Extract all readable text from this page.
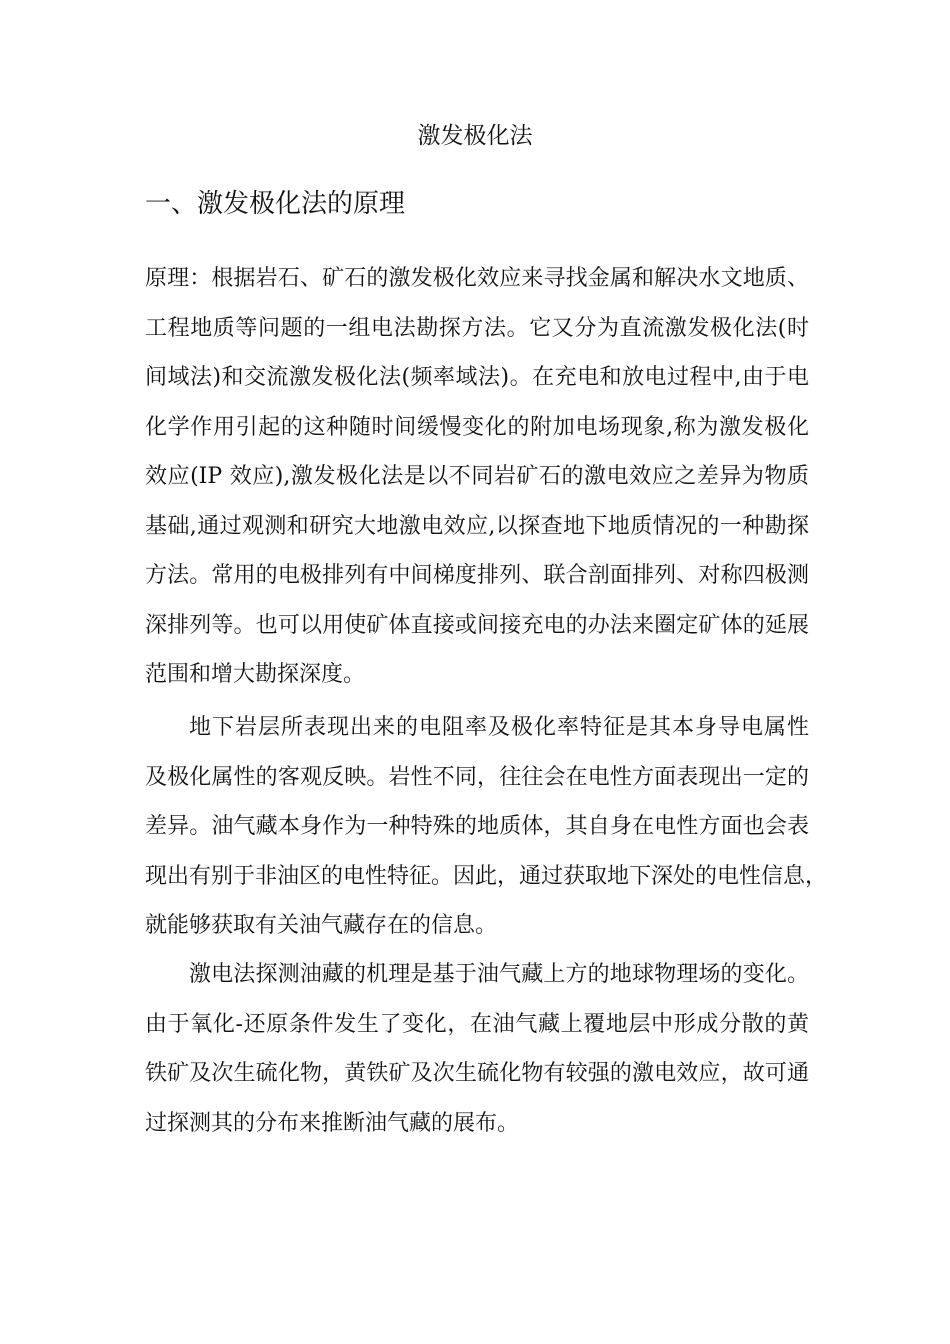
激发极化法
一、激发极化法的原理
原理：根据岩石、矿石的激发极化效应来寻找金属和解决水文地质、
工程地质等问题的一组电法勘探方法。它又分为直流激发极化法(时
间域法)和交流激发极化法(频率域法)。在充电和放电过程中,由于电
化学作用引起的这种随时间缓慢变化的附加电场现象,称为激发极化
效应(IP 效应),激发极化法是以不同岩矿石的激电效应之差异为物质
基础,通过观测和研究大地激电效应,以探查地下地质情况的一种勘探
方法。常用的电极排列有中间梯度排列、联合剖面排列、对称四极测
深排列等。也可以用使矿体直接或间接充电的办法来圈定矿体的延展
范围和增大勘探深度。
地下岩层所表现出来的电阻率及极化率特征是其本身导电属性
及极化属性的客观反映。岩性不同，往往会在电性方面表现出一定的
差异。油气藏本身作为一种特殊的地质体，其自身在电性方面也会表
现出有别于非油区的电性特征。因此，通过获取地下深处的电性信息，
就能够获取有关油气藏存在的信息。
激电法探测油藏的机理是基于油气藏上方的地球物理场的变化。
由于氧化-还原条件发生了变化，在油气藏上覆地层中形成分散的黄
铁矿及次生硫化物，黄铁矿及次生硫化物有较强的激电效应，故可通
过探测其的分布来推断油气藏的展布。
